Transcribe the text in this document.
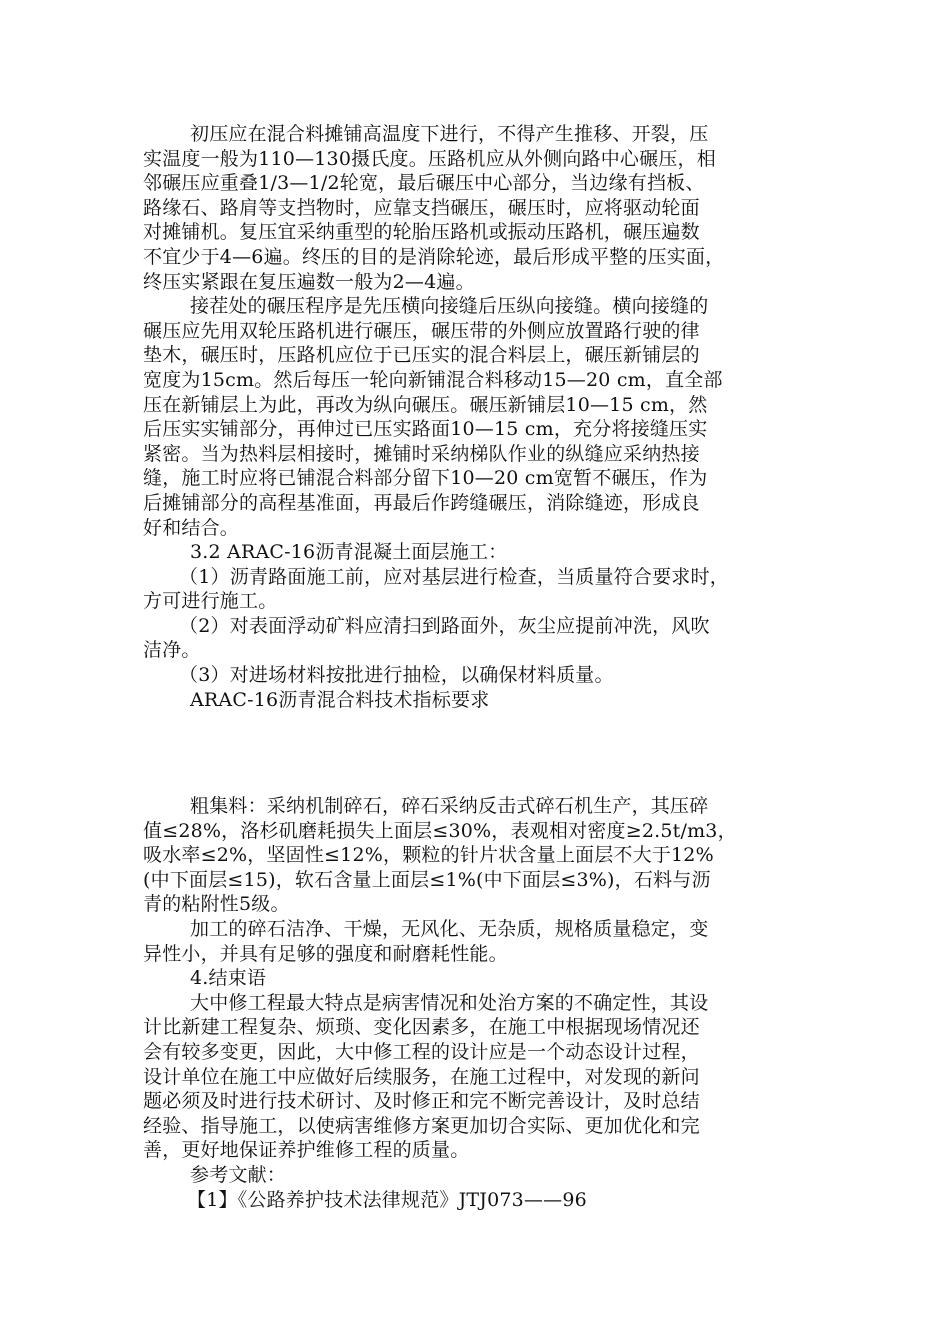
初压应在混合料摊铺高温度下进行，不得产生推移、开裂，压
实温度一般为110—130摄氏度。压路机应从外侧向路中心碾压，相
邻碾压应重叠1/3—1/2轮宽，最后碾压中心部分，当边缘有挡板、
路缘石、路肩等支挡物时，应靠支挡碾压，碾压时，应将驱动轮面
对摊铺机。复压宜采纳重型的轮胎压路机或振动压路机，碾压遍数
不宜少于4—6遍。终压的目的是消除轮迹，最后形成平整的压实面，
终压实紧跟在复压遍数一般为2—4遍。
接茬处的碾压程序是先压横向接缝后压纵向接缝。横向接缝的
碾压应先用双轮压路机进行碾压，碾压带的外侧应放置路行驶的律
垫木，碾压时，压路机应位于已压实的混合料层上，碾压新铺层的
宽度为15cm。然后每压一轮向新铺混合料移动15—20 cm，直全部
压在新铺层上为此，再改为纵向碾压。碾压新铺层10—15 cm，然
后压实实铺部分，再伸过已压实路面10—15 cm，充分将接缝压实
紧密。当为热料层相接时，摊铺时采纳梯队作业的纵缝应采纳热接
缝，施工时应将已铺混合料部分留下10—20 cm宽暂不碾压，作为
后摊铺部分的高程基准面，再最后作跨缝碾压，消除缝迹，形成良
好和结合。
3.2 ARAC-16沥青混凝土面层施工：
（1）沥青路面施工前，应对基层进行检查，当质量符合要求时，
方可进行施工。
（2）对表面浮动矿料应清扫到路面外，灰尘应提前冲洗，风吹
洁净。
（3）对进场材料按批进行抽检，以确保材料质量。
ARAC-16沥青混合料技术指标要求
粗集料：采纳机制碎石，碎石采纳反击式碎石机生产，其压碎
值≤28%，洛杉矶磨耗损失上面层≤30%，表观相对密度≥2.5t/m3，
吸水率≤2%，坚固性≤12%，颗粒的针片状含量上面层不大于12%
(中下面层≤15)，软石含量上面层≤1%(中下面层≤3%)，石料与沥
青的粘附性5级。
加工的碎石洁净、干燥，无风化、无杂质，规格质量稳定，变
异性小，并具有足够的强度和耐磨耗性能。
4.结束语
大中修工程最大特点是病害情况和处治方案的不确定性，其设
计比新建工程复杂、烦琐、变化因素多，在施工中根据现场情况还
会有较多变更，因此，大中修工程的设计应是一个动态设计过程，
设计单位在施工中应做好后续服务，在施工过程中，对发现的新问
题必须及时进行技术研讨、及时修正和完不断完善设计，及时总结
经验、指导施工，以使病害维修方案更加切合实际、更加优化和完
善，更好地保证养护维修工程的质量。
参考文献：
【1】《公路养护技术法律规范》JTJ073——96
